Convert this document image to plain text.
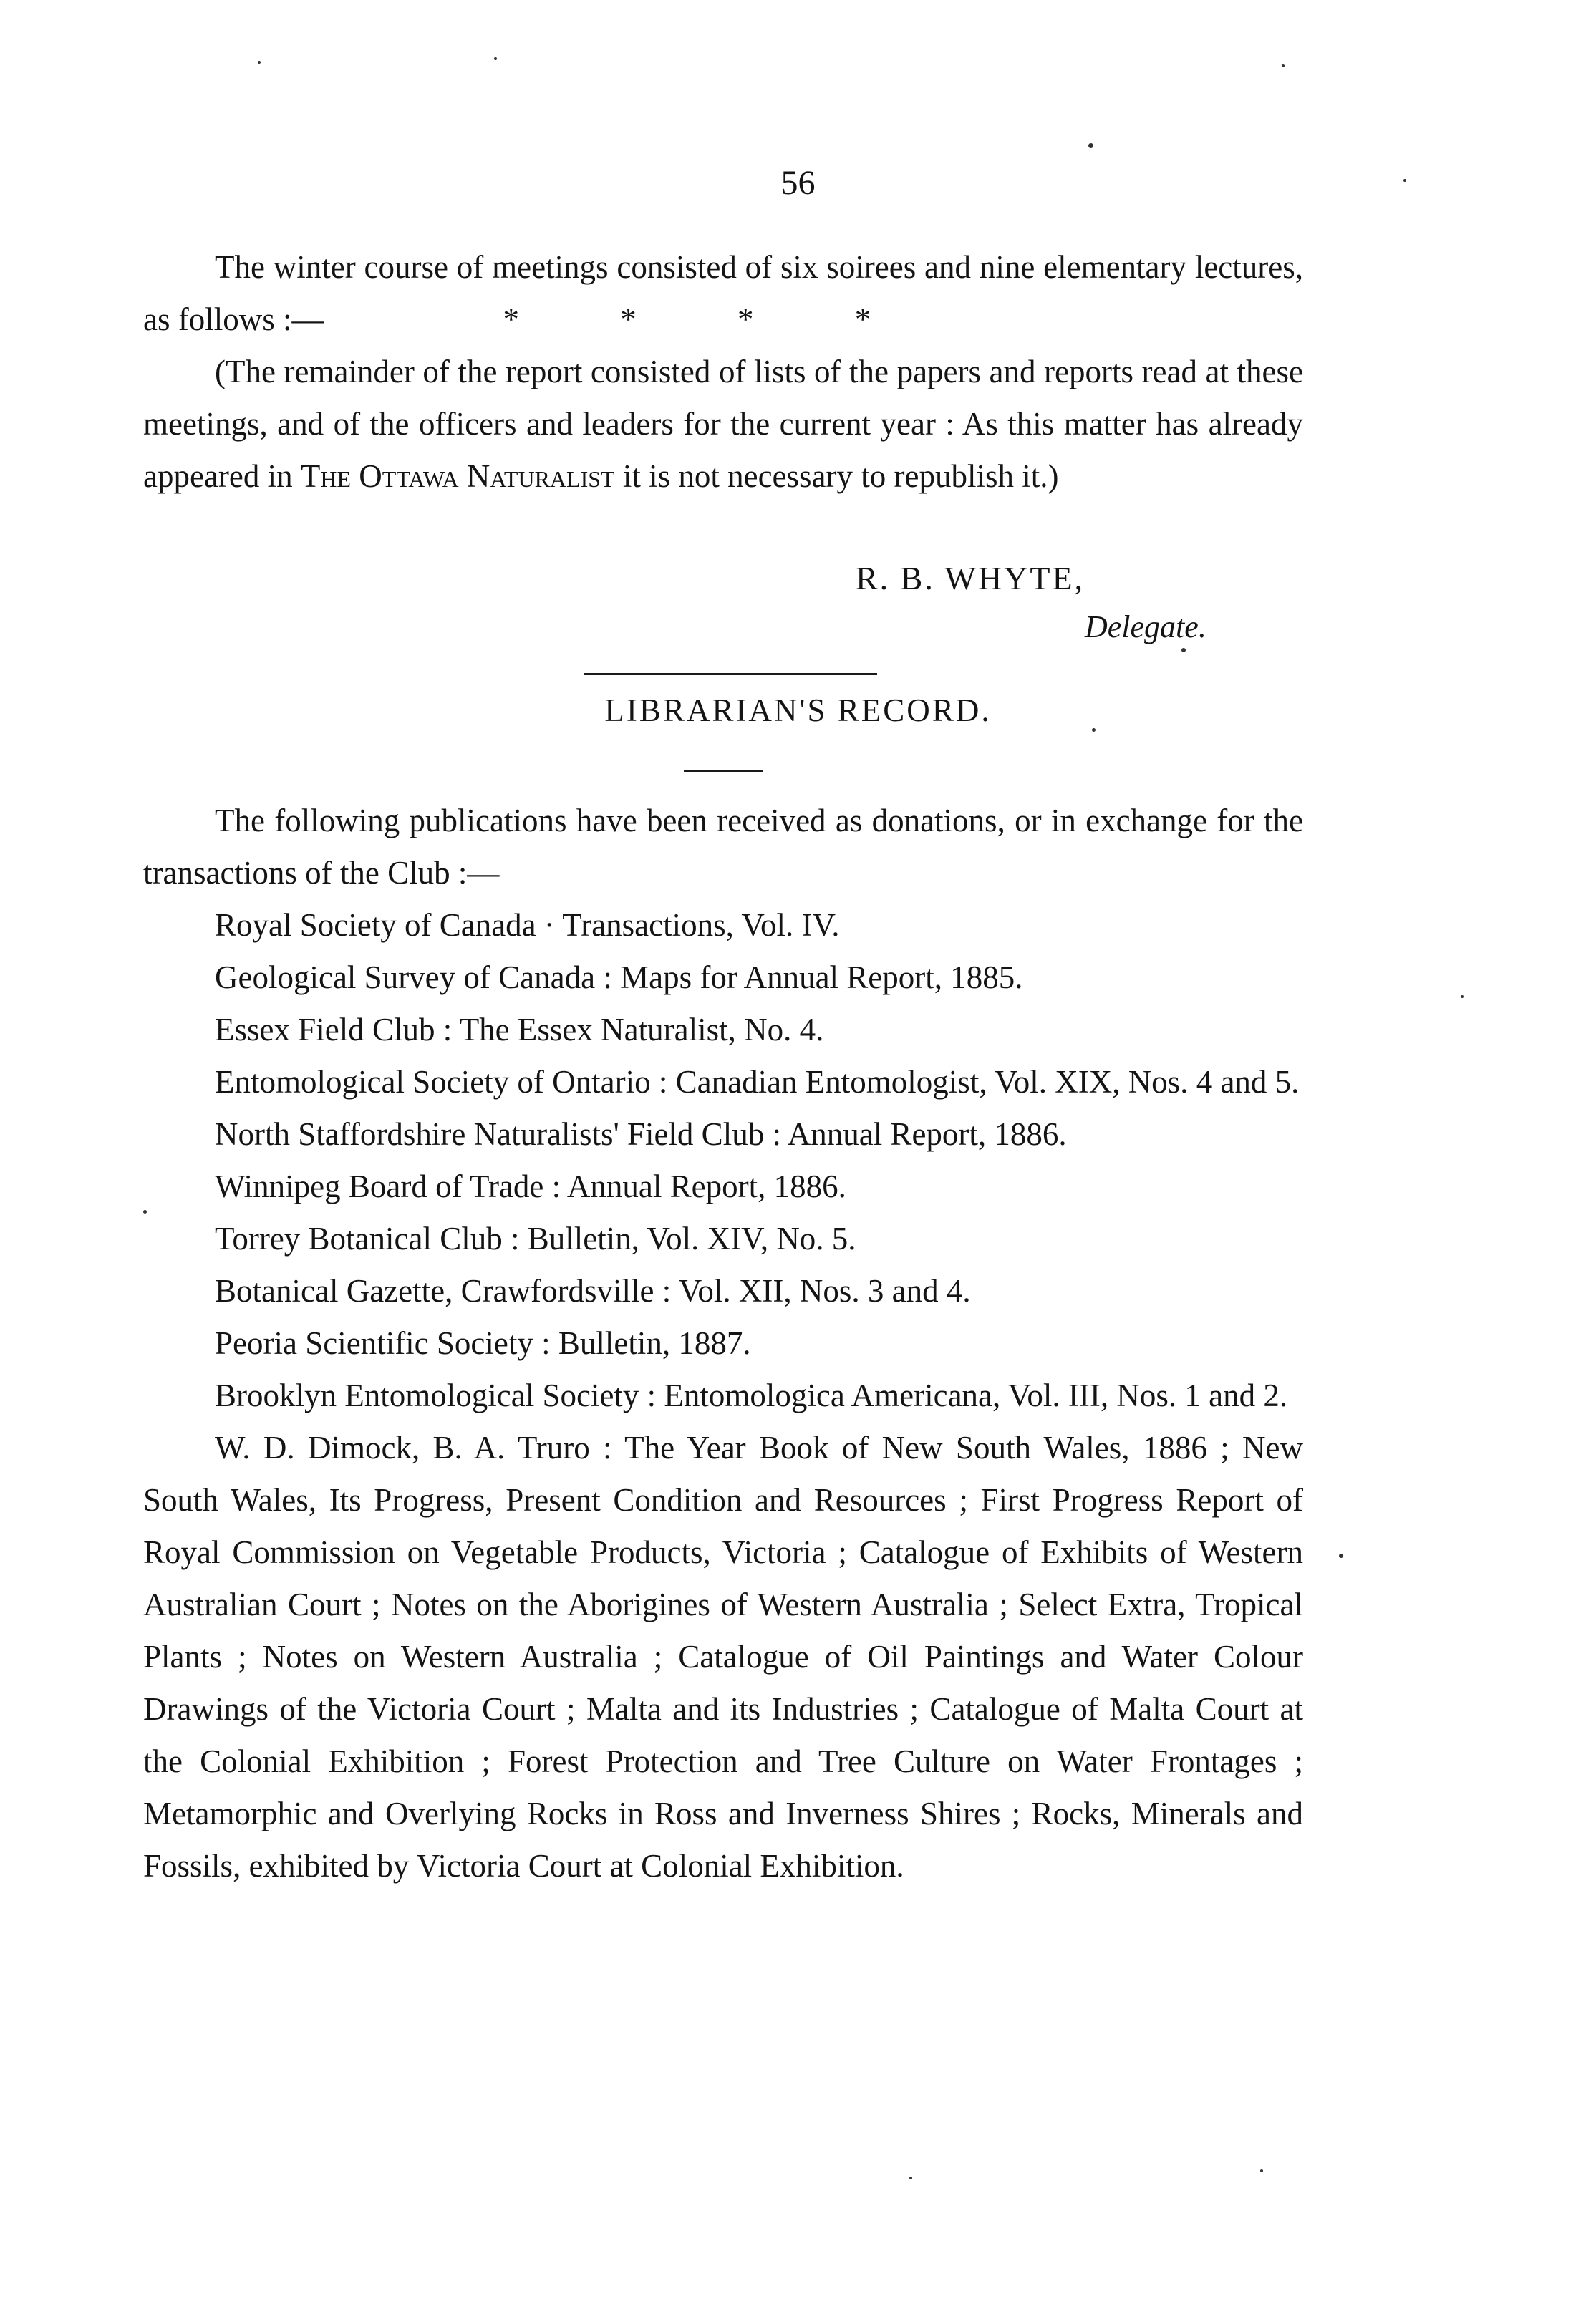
56

The winter course of meetings consisted of six soirees and nine elementary lectures, as follows :—	* * * *

(The remainder of the report consisted of lists of the papers and reports read at these meetings, and of the officers and leaders for the current year : As this matter has already appeared in The Ottawa Naturalist it is not necessary to republish it.)

R. B. WHYTE,
Delegate.
LIBRARIAN'S RECORD.

The following publications have been received as donations, or in exchange for the transactions of the Club :—

Royal Society of Canada · Transactions, Vol. IV.

Geological Survey of Canada : Maps for Annual Report, 1885.

Essex Field Club : The Essex Naturalist, No. 4.

Entomological Society of Ontario : Canadian Entomologist, Vol. XIX, Nos. 4 and 5.

North Staffordshire Naturalists' Field Club : Annual Report, 1886.

Winnipeg Board of Trade : Annual Report, 1886.

Torrey Botanical Club : Bulletin, Vol. XIV, No. 5.

Botanical Gazette, Crawfordsville : Vol. XII, Nos. 3 and 4.

Peoria Scientific Society : Bulletin, 1887.

Brooklyn Entomological Society : Entomologica Americana, Vol. III, Nos. 1 and 2.

W. D. Dimock, B. A. Truro : The Year Book of New South Wales, 1886 ; New South Wales, Its Progress, Present Condition and Resources ; First Progress Report of Royal Commission on Vegetable Products, Victoria ; Catalogue of Exhibits of Western Australian Court ; Notes on the Aborigines of Western Australia ; Select Extra, Tropical Plants ; Notes on Western Australia ; Catalogue of Oil Paintings and Water Colour Drawings of the Victoria Court ; Malta and its Industries ; Catalogue of Malta Court at the Colonial Exhibition ; Forest Protection and Tree Culture on Water Frontages ; Metamorphic and Overlying Rocks in Ross and Inverness Shires ; Rocks, Minerals and Fossils, exhibited by Victoria Court at Colonial Exhibition.
